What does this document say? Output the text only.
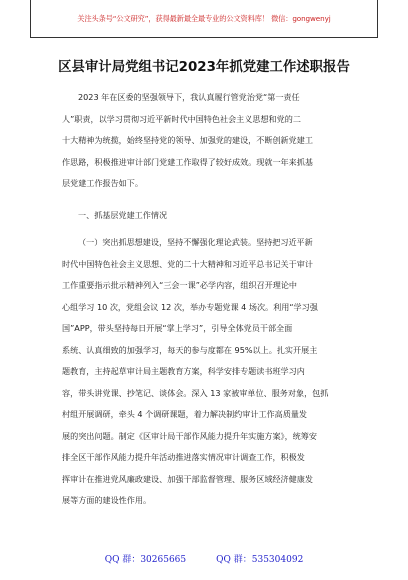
关注头条号“公文研究”，获得最新最全最专业的公文资料库！ 微信：gongwenyj
区县审计局党组书记2023年抓党建工作述职报告

2023 年在区委的坚强领导下，我认真履行管党治党“第一责任
人”职责，以学习贯彻习近平新时代中国特色社会主义思想和党的二
十大精神为统揽，始终坚持党的领导、加强党的建设，不断创新党建工
作思路，积极推进审计部门党建工作取得了较好成效。现就一年来抓基
层党建工作报告如下。

一、抓基层党建工作情况

（一）突出抓思想建设，坚持不懈强化理论武装。坚持把习近平新
时代中国特色社会主义思想、党的二十大精神和习近平总书记关于审计
工作重要指示批示精神列入“三会一课”必学内容，组织召开理论中
心组学习 10 次，党组会议 12 次，举办专题党课 4 场次。利用“学习强
国”APP，带头坚持每日开展“掌上学习”，引导全体党员干部全面
系统、认真细致的加强学习，每天的参与度都在 95%以上。扎实开展主
题教育，主持起草审计局主题教育方案，科学安排专题读书班学习内
容，带头讲党课、抄笔记、谈体会。深入 13 家被审单位、服务对象，包抓
村组开展调研，牵头 4 个调研课题，着力解决制约审计工作高质量发
展的突出问题。制定《区审计局干部作风能力提升年实施方案》，统筹安
排全区干部作风能力提升年活动推进落实情况审计调查工作，积极发
挥审计在推进党风廉政建设、加强干部监督管理、服务区域经济健康发
展等方面的建设性作用。

QQ 群：30265665	QQ 群：535304092
